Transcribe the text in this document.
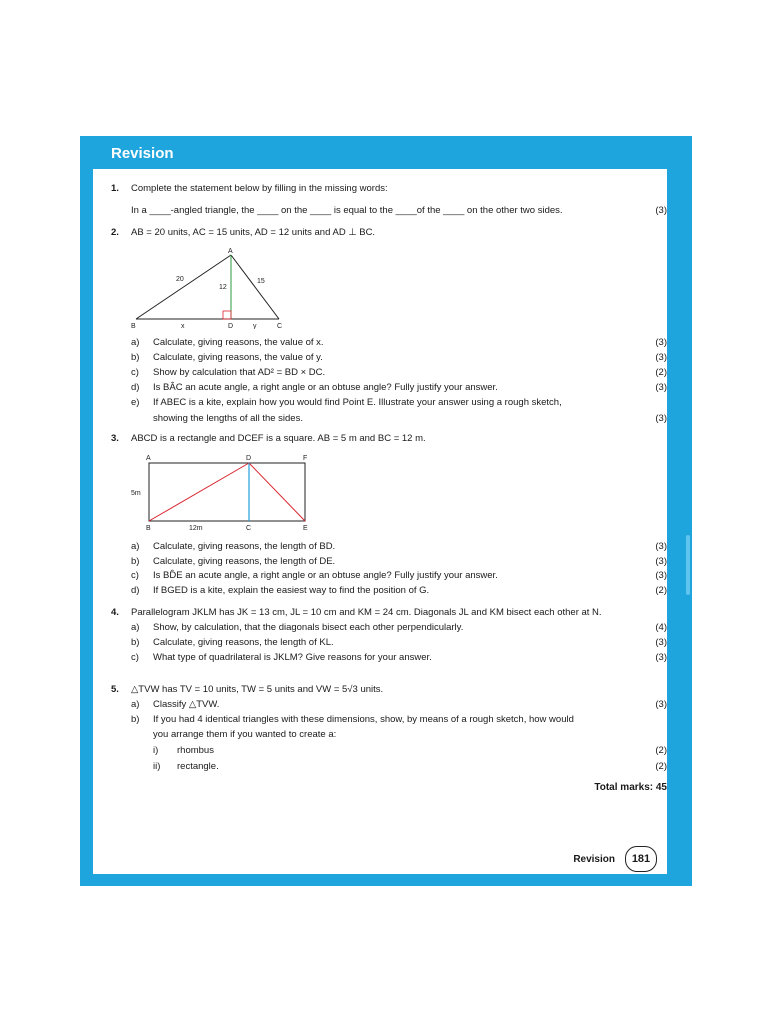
Revision
1. Complete the statement below by filling in the missing words:
In a ____-angled triangle, the ____ on the ____ is equal to the ____of the ____ on the other two sides.	(3)
2. AB = 20 units, AC = 15 units, AD = 12 units and AD ⊥ BC.
A
B	D	C
20
12
15
x	y
a) Calculate, giving reasons, the value of x.	(3)
b) Calculate, giving reasons, the value of y.	(3)
c) Show by calculation that AD² = BD × DC.	(2)
d) Is BÂC an acute angle, a right angle or an obtuse angle? Fully justify your answer.	(3)
e) If ABEC is a kite, explain how you would find Point E. Illustrate your answer using a rough sketch,
showing the lengths of all the sides.	(3)
3. ABCD is a rectangle and DCEF is a square. AB = 5 m and BC = 12 m.
A	D	F
B	C	E
5m
12m
a) Calculate, giving reasons, the length of BD.	(3)
b) Calculate, giving reasons, the length of DE.	(3)
c) Is BD̂E an acute angle, a right angle or an obtuse angle? Fully justify your answer.	(3)
d) If BGED is a kite, explain the easiest way to find the position of G.	(2)
4. Parallelogram JKLM has JK = 13 cm, JL = 10 cm and KM = 24 cm. Diagonals JL and KM bisect each other at N.
a) Show, by calculation, that the diagonals bisect each other perpendicularly.	(4)
b) Calculate, giving reasons, the length of KL.	(3)
c) What type of quadrilateral is JKLM? Give reasons for your answer.	(3)
5. △TVW has TV = 10 units, TW = 5 units and VW = 5√3 units.
a) Classify △TVW.	(3)
b) If you had 4 identical triangles with these dimensions, show, by means of a rough sketch, how would
you arrange them if you wanted to create a:
i) rhombus	(2)
ii) rectangle.	(2)
Total marks: 45
Revision	181
